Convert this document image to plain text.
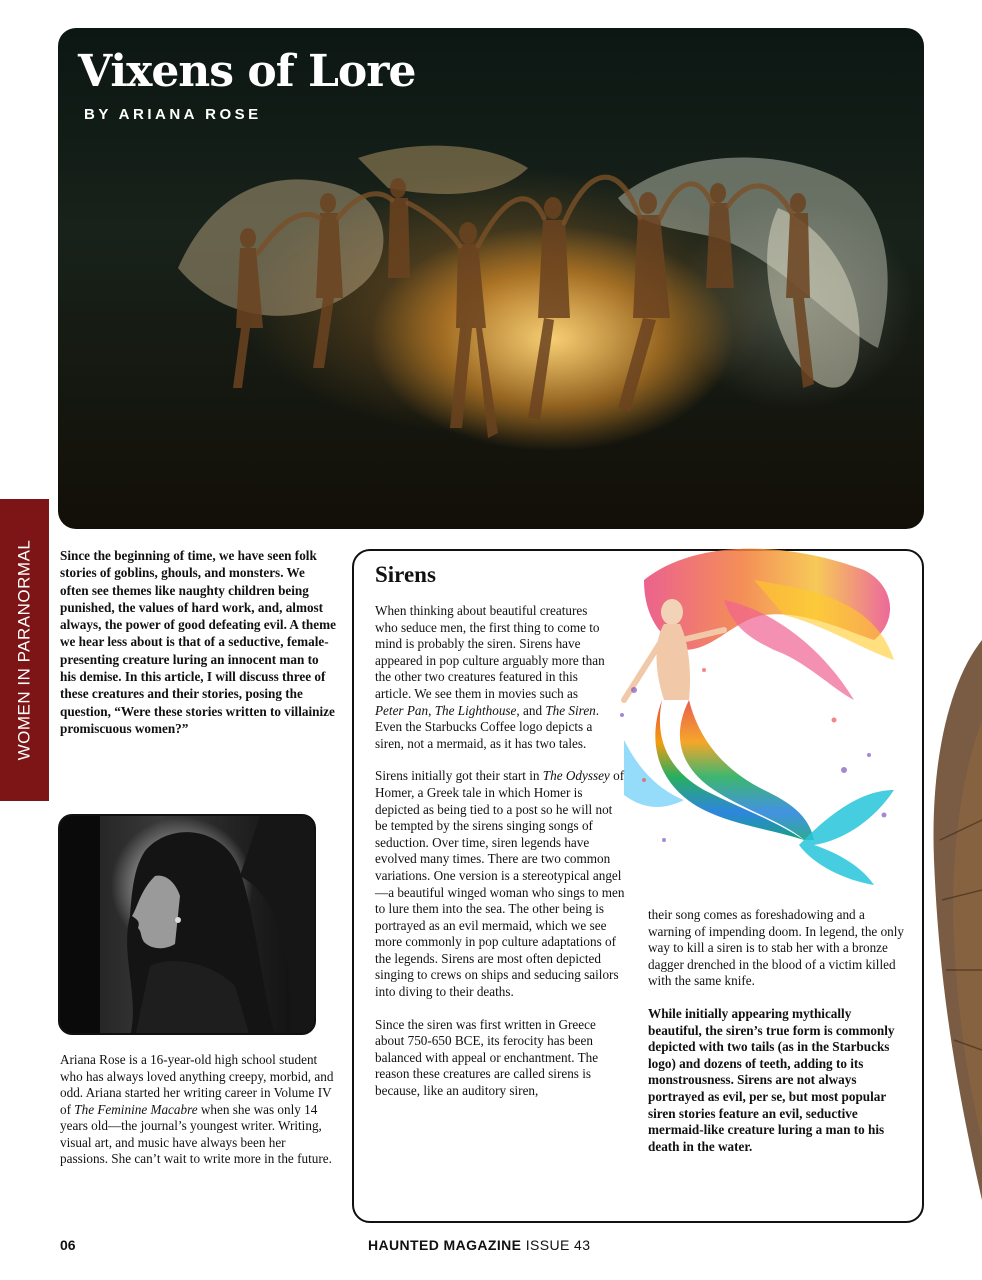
Vixens of Lore
BY ARIANA ROSE
WOMEN IN PARANORMAL Since the beginning of time, we have seen folk stories of goblins, ghouls, and monsters. We often see themes like naughty children being punished, the values of hard work, and, almost always, the power of good defeating evil. A theme we hear less about is that of a seductive, female-presenting creature luring an innocent man to his demise. In this article, I will discuss three of these creatures and their stories, posing the question, “Were these stories written to villainize promiscuous women?”

Ariana Rose is a 16-year-old high school student who has always loved anything creepy, morbid, and odd. Ariana started her writing career in Volume IV of The Feminine Macabre when she was only 14 years old—the journal’s youngest writer. Writing, visual art, and music have always been her passions. She can’t wait to write more in the future.

Sirens

When thinking about beautiful creatures who seduce men, the first thing to come to mind is probably the siren. Sirens have appeared in pop culture arguably more than the other two creatures featured in this article. We see them in movies such as Peter Pan, The Lighthouse, and The Siren. Even the Starbucks Coffee logo depicts a siren, not a mermaid, as it has two tales.

Sirens initially got their start in The Odyssey of Homer, a Greek tale in which Homer is depicted as being tied to a post so he will not be tempted by the sirens singing songs of seduction. Over time, siren legends have evolved many times. There are two common variations. One version is a stereotypical angel—a beautiful winged woman who sings to men to lure them into the sea. The other being is portrayed as an evil mermaid, which we see more commonly in pop culture adaptations of the legends. Sirens are most often depicted singing to crews on ships and seducing sailors into diving to their deaths.

Since the siren was first written in Greece about 750-650 BCE, its ferocity has been balanced with appeal or enchantment. The reason these creatures are called sirens is because, like an auditory siren,

their song comes as foreshadowing and a warning of impending doom. In legend, the only way to kill a siren is to stab her with a bronze dagger drenched in the blood of a victim killed with the same knife.

While initially appearing mythically beautiful, the siren’s true form is commonly depicted with two tails (as in the Starbucks logo) and dozens of teeth, adding to its monstrousness. Sirens are not always portrayed as evil, per se, but most popular siren stories feature an evil, seductive mermaid-like creature luring a man to his death in the water.

06	HAUNTED MAGAZINE ISSUE 43
